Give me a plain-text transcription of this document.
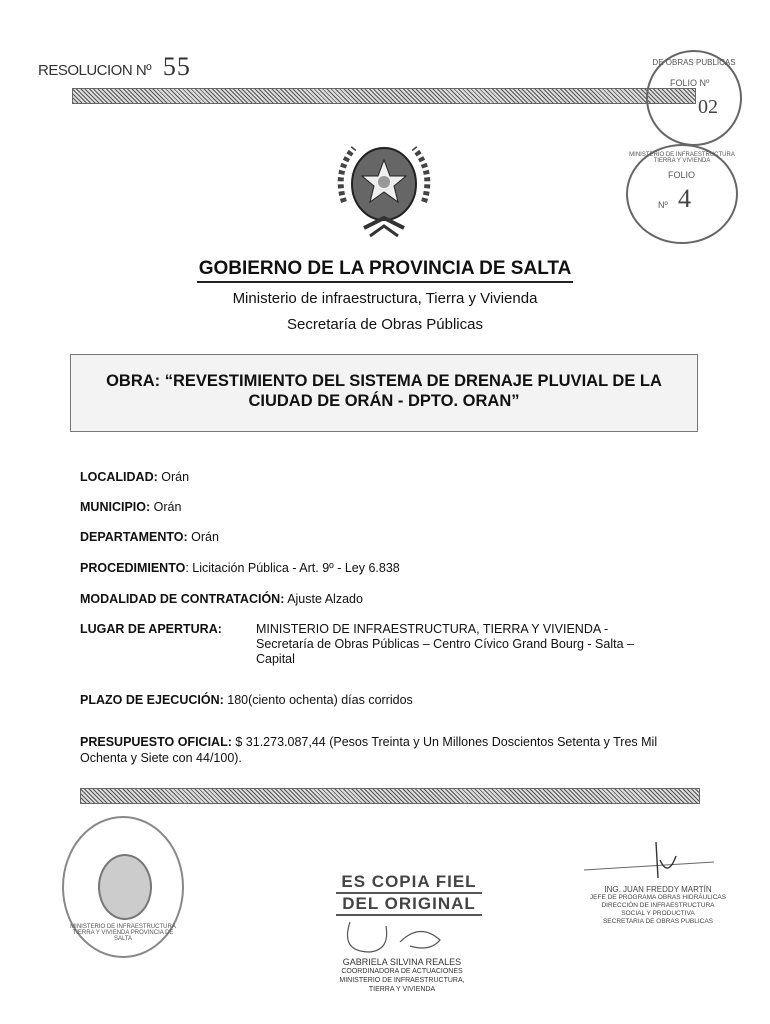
RESOLUCION Nº 55	DE OBRAS PUBLICAS
FOLIO Nº
02
MINISTERIO DE INFRAESTRUCTURA TIERRA Y VIVIENDA
FOLIO
Nº 4
GOBIERNO DE LA PROVINCIA DE SALTA
Ministerio de infraestructura, Tierra y Vivienda
Secretaría de Obras Públicas
OBRA: “REVESTIMIENTO DEL SISTEMA DE DRENAJE PLUVIAL DE LA
CIUDAD DE ORÁN - DPTO. ORAN”
LOCALIDAD: Orán
MUNICIPIO: Orán
DEPARTAMENTO: Orán
PROCEDIMIENTO: Licitación Pública - Art. 9º - Ley 6.838
MODALIDAD DE CONTRATACIÓN: Ajuste Alzado
LUGAR DE APERTURA:	MINISTERIO DE INFRAESTRUCTURA, TIERRA Y VIVIENDA -
Secretaría de Obras Públicas – Centro Cívico Grand Bourg - Salta –
Capital
PLAZO DE EJECUCIÓN: 180(ciento ochenta) días corridos
PRESUPUESTO OFICIAL: $ 31.273.087,44 (Pesos Treinta y Un Millones Doscientos Setenta y Tres Mil Ochenta y Siete con 44/100).
MINISTERIO DE INFRAESTRUCTURA TIERRA Y VIVIENDA PROVINCIA DE SALTA
ES COPIA FIEL
DEL ORIGINAL
GABRIELA SILVINA REALES
COORDINADORA DE ACTUACIONES
MINISTERIO DE INFRAESTRUCTURA,
TIERRA Y VIVIENDA
ING. JUAN FREDDY MARTÍN
JEFE DE PROGRAMA OBRAS HIDRÁULICAS
DIRECCIÓN DE INFRAESTRUCTURA
SOCIAL Y PRODUCTIVA
SECRETARIA DE OBRAS PUBLICAS
